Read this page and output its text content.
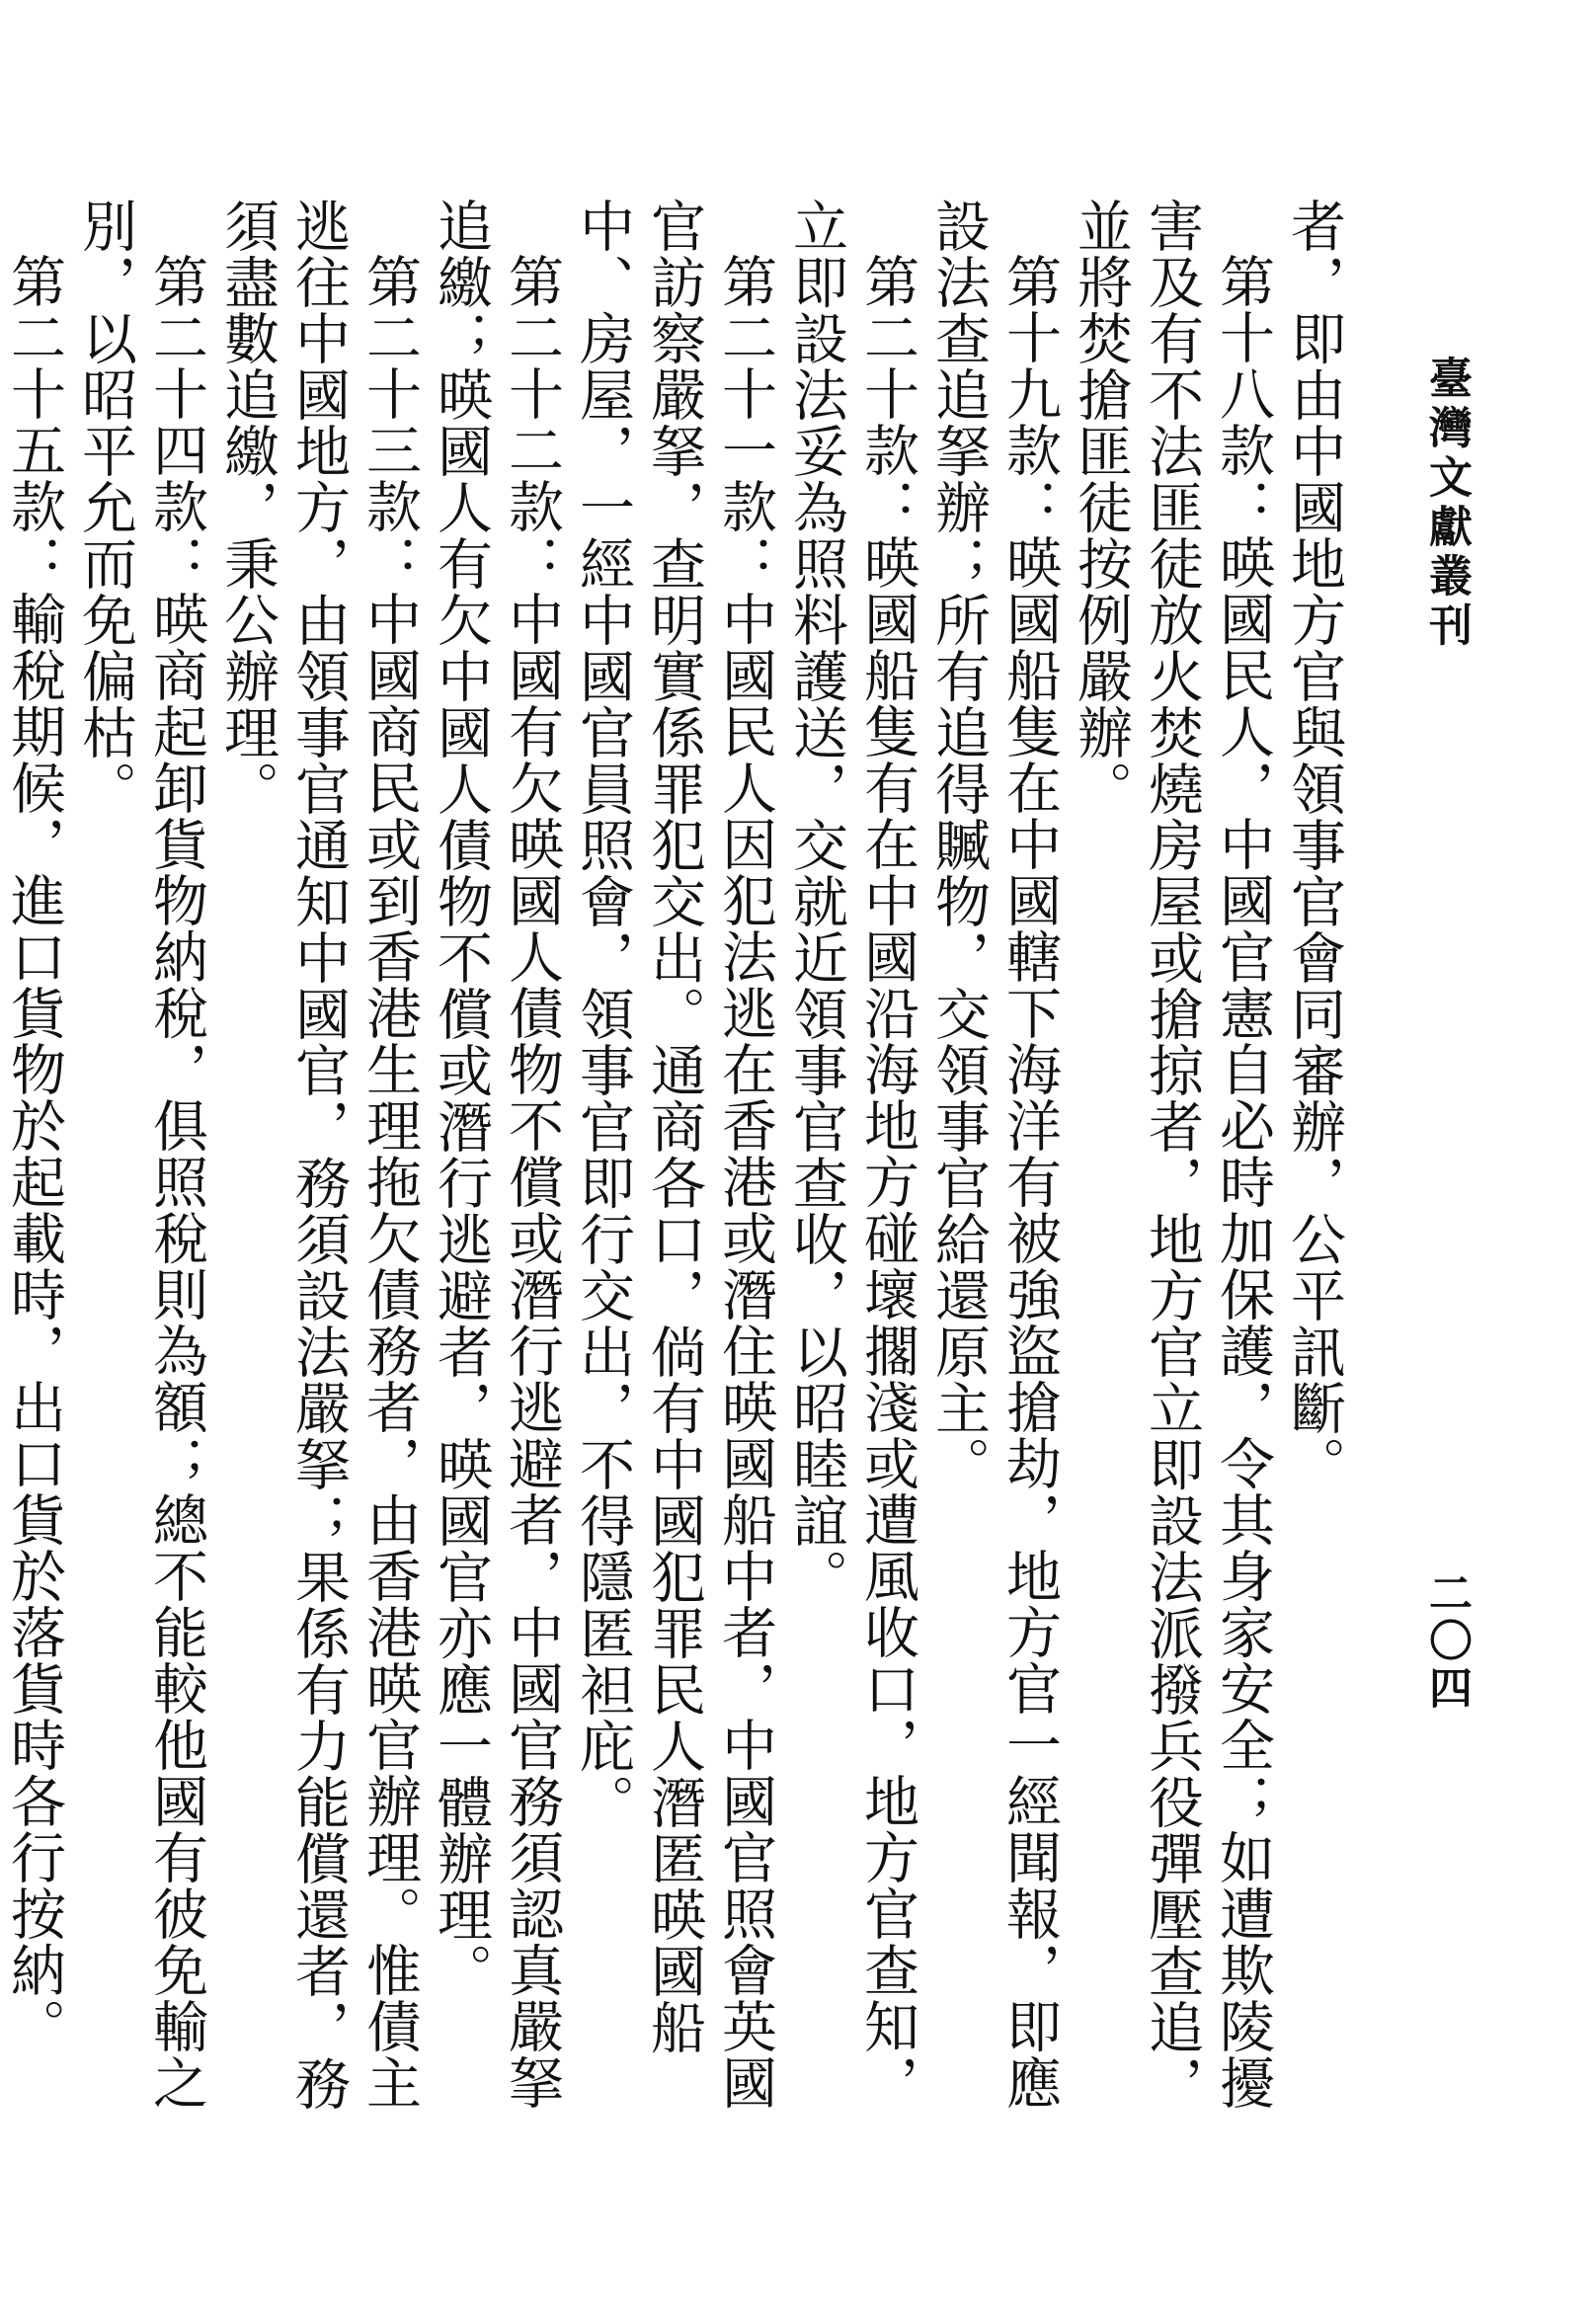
臺灣文獻叢刊
二〇四

者，即由中國地方官與領事官會同審辦，公平訊斷。

第十八款：暎國民人，中國官憲自必時加保護，令其身家安全；如遭欺陵擾害及有不法匪徒放火焚燒房屋或搶掠者，地方官立即設法派撥兵役彈壓查追，並將焚搶匪徒按例嚴辦。

第十九款：暎國船隻在中國轄下海洋有被強盜搶劫，地方官一經聞報，即應設法查追拏辦；所有追得贓物，交領事官給還原主。

第二十款：暎國船隻有在中國沿海地方碰壞擱淺或遭風收口，地方官查知，立即設法妥為照料護送，交就近領事官查收，以昭睦誼。

第二十一款：中國民人因犯法逃在香港或潛住暎國船中者，中國官照會英國官訪察嚴拏，查明實係罪犯交出。通商各口，倘有中國犯罪民人潛匿暎國船中、房屋，一經中國官員照會，領事官即行交出，不得隱匿袒庇。

第二十二款：中國有欠暎國人債物不償或潛行逃避者，中國官務須認真嚴拏追繳；暎國人有欠中國人債物不償或潛行逃避者，暎國官亦應一體辦理。

第二十三款：中國商民或到香港生理拖欠債務者，由香港暎官辦理。惟債主逃往中國地方，由領事官通知中國官，務須設法嚴拏；果係有力能償還者，務須盡數追繳，秉公辦理。

第二十四款：暎商起卸貨物納稅，俱照稅則為額；總不能較他國有彼免輸之別，以昭平允而免偏枯。

第二十五款：輸稅期候，進口貨物於起載時，出口貨於落貨時各行按納。
